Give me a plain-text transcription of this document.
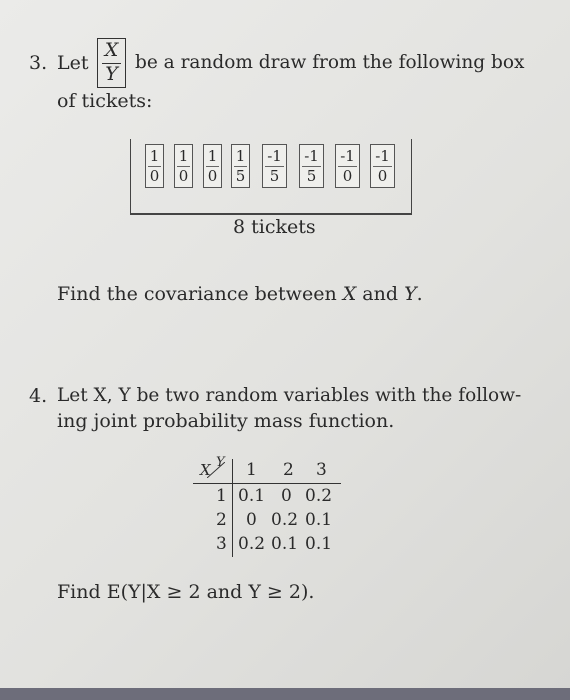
3. Let
X
Y
be a random draw from the following box
of tickets:
1
0
1
0
1
0
1
5
-1
5
-1
5
-1
0
-1
0
8 tickets
Find the covariance between X and Y.
4. Let X, Y be two random variables with the follow-
ing joint probability mass function.
X Y 1 2 3
1
2
3
0.1 0 0.2
0 0.2 0.1
0.2 0.1 0.1
Find E(Y|X ≥ 2 and Y ≥ 2).
